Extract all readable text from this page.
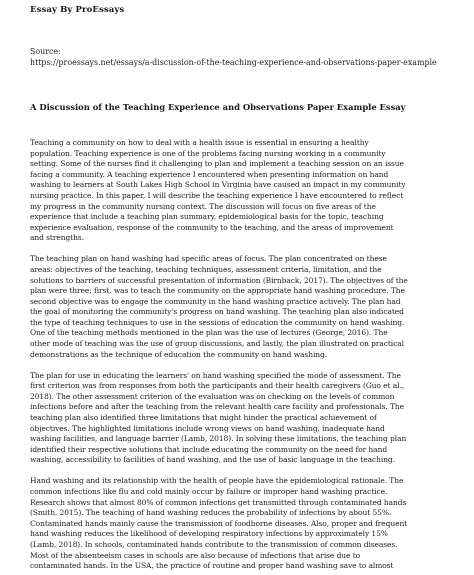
Essay By ProEssays
Source:
https://proessays.net/essays/a-discussion-of-the-teaching-experience-and-observations-paper-example
A Discussion of the Teaching Experience and Observations Paper Example Essay
Teaching a community on how to deal with a health issue is essential in ensuring a healthy
population. Teaching experience is one of the problems facing nursing working in a community
setting. Some of the nurses find it challenging to plan and implement a teaching session on an issue
facing a community. A teaching experience I encountered when presenting information on hand
washing to learners at South Lakes High School in Virginia have caused an impact in my community
nursing practice. In this paper, I will describe the teaching experience I have encountered to reflect
my progress in the community nursing context. The discussion will focus on five areas of the
experience that include a teaching plan summary, epidemiological basis for the topic, teaching
experience evaluation, response of the community to the teaching, and the areas of improvement
and strengths.
The teaching plan on hand washing had specific areas of focus. The plan concentrated on these
areas: objectives of the teaching, teaching techniques, assessment criteria, limitation, and the
solutions to barriers of successful presentation of information (Birnback, 2017). The objectives of the
plan were three; first, was to teach the community on the appropriate hand washing procedure. The
second objective was to engage the community in the hand washing practice actively. The plan had
the goal of monitoring the community's progress on hand washing. The teaching plan also indicated
the type of teaching techniques to use in the sessions of education the community on hand washing.
One of the teaching methods mentioned in the plan was the use of lectures (George, 2016). The
other mode of teaching was the use of group discussions, and lastly, the plan illustrated on practical
demonstrations as the technique of education the community on hand washing.
The plan for use in educating the learners' on hand washing specified the mode of assessment. The
first criterion was from responses from both the participants and their health caregivers (Guo et al.,
2018). The other assessment criterion of the evaluation was on checking on the levels of common
infections before and after the teaching from the relevant health care facility and professionals. The
teaching plan also identified three limitations that might hinder the practical achievement of
objectives. The highlighted limitations include wrong views on hand washing, inadequate hand
washing facilities, and language barrier (Lamb, 2018). In solving these limitations, the teaching plan
identified their respective solutions that include educating the community on the need for hand
washing, accessibility to facilities of hand washing, and the use of basic language in the teaching.
Hand washing and its relationship with the health of people have the epidemiological rationale. The
common infections like flu and cold mainly occur by failure or improper hand washing practice.
Research shows that almost 80% of common infections get transmitted through contaminated hands
(Smith, 2015). The teaching of hand washing reduces the probability of infections by about 55%.
Contaminated hands mainly cause the transmission of foodborne diseases. Also, proper and frequent
hand washing reduces the likelihood of developing respiratory infections by approximately 15%
(Lamb, 2018). In schools, contaminated hands contribute to the transmission of common diseases.
Most of the absenteeism cases in schools are also because of infections that arise due to
contaminated hands. In the USA, the practice of routine and proper hand washing save to almost
